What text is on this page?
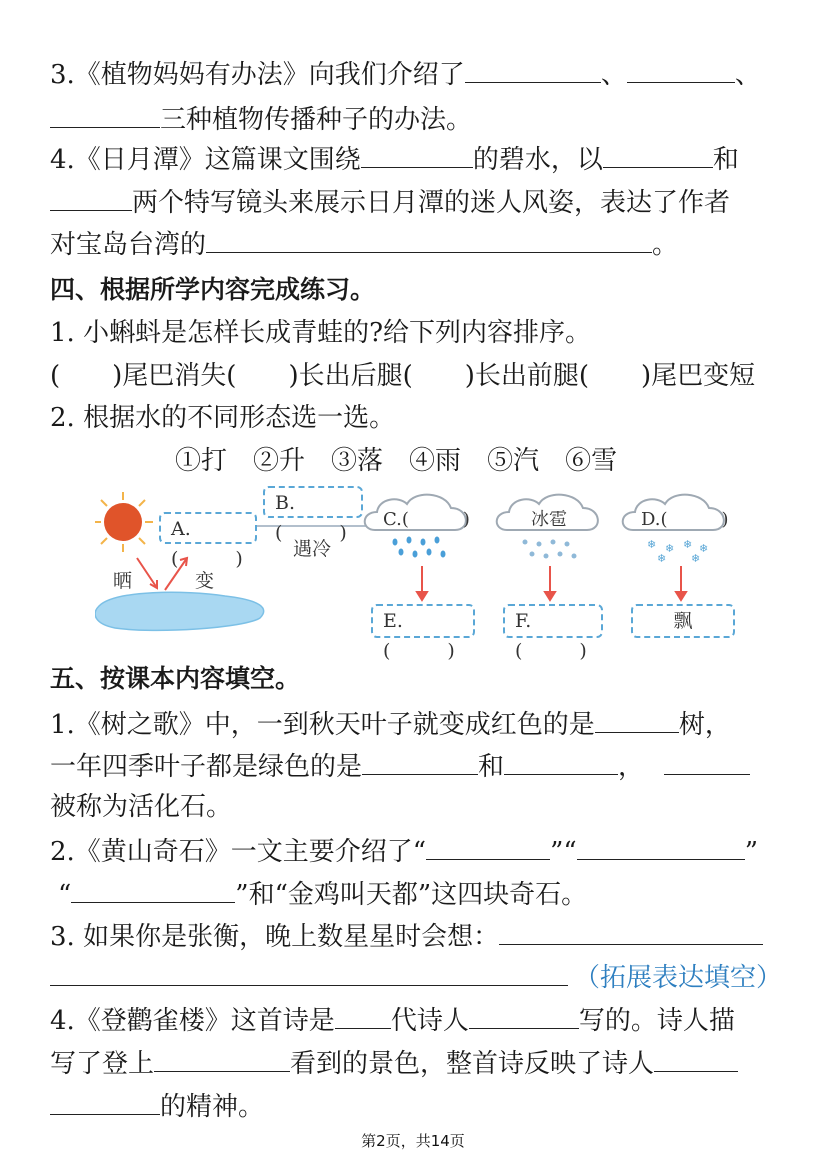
3.《植物妈妈有办法》向我们介绍了	、	、
三种植物传播种子的办法。
4.《日月潭》这篇课文围绕	的碧水，以	和
两个特写镜头来展示日月潭的迷人风姿，表达了作者
对宝岛台湾的	。
四、根据所学内容完成练习。
1. 小蝌蚪是怎样长成青蛙的?给下列内容排序。
(　　)尾巴消失(　　)长出后腿(　　)长出前腿(　　)尾巴变短
2. 根据水的不同形态选一选。
①打 ②升 ③落 ④雨 ⑤汽 ⑥雪
❄ ❄ ❄ ❄
❄ ❄
晒	变
A.(　　　)
B.(　　　)
遇冷
C.(　　　)	冰雹	D.(　　　)
E.(　　　)
F.(　　　)
飘
五、按课本内容填空。
1.《树之歌》中，一到秋天叶子就变成红色的是	树，
一年四季叶子都是绿色的是	和	，
被称为活化石。
2.《黄山奇石》一文主要介绍了“	”“	”
“	”和“金鸡叫天都”这四块奇石。
3. 如果你是张衡，晚上数星星时会想：
（拓展表达填空）
4.《登鹳雀楼》这首诗是 代诗人	写的。诗人描
写了登上	看到的景色，整首诗反映了诗人
的精神。
第2页，共14页
